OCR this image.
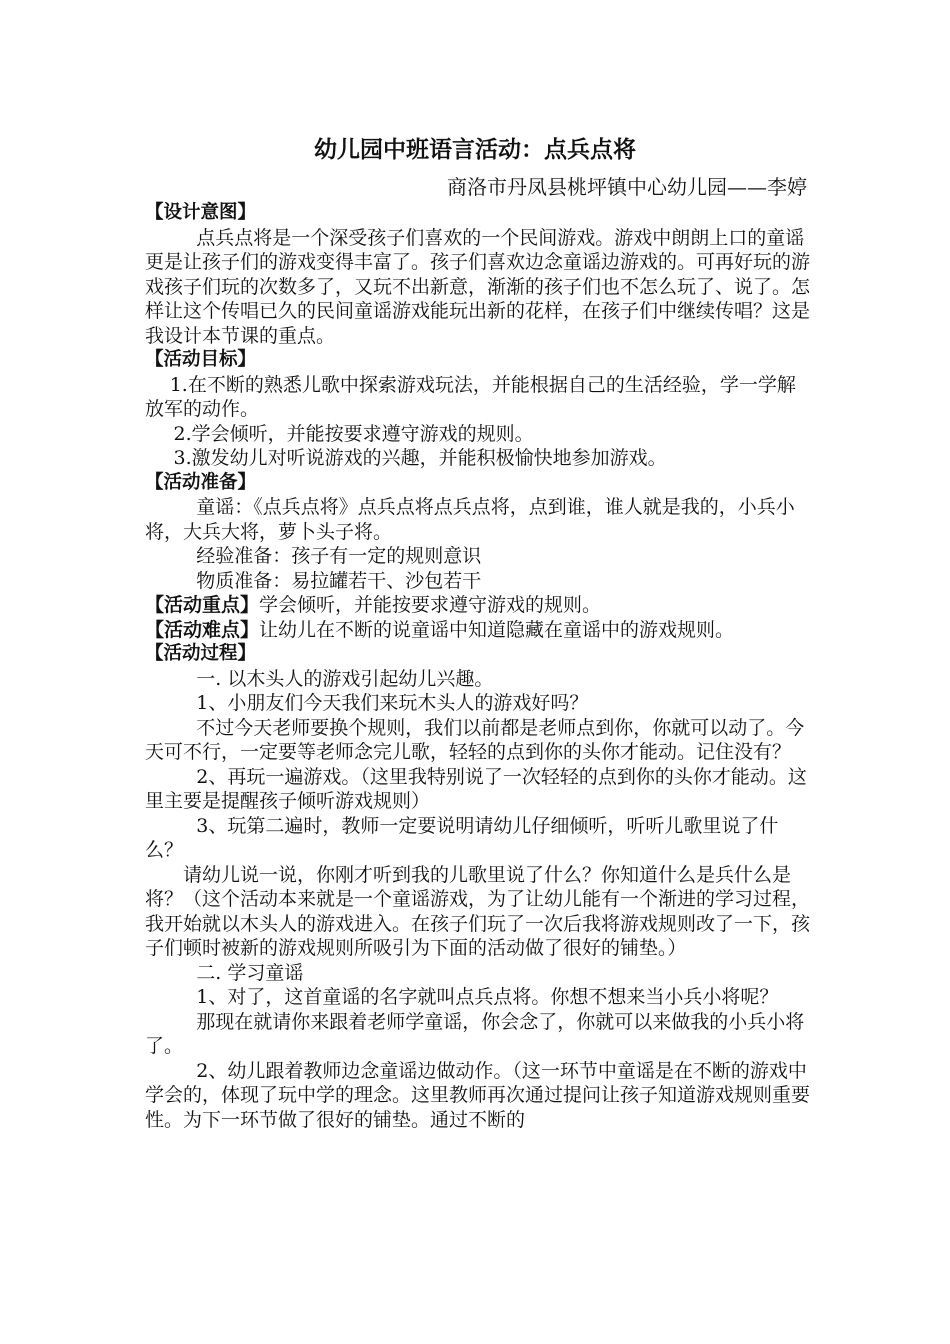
幼儿园中班语言活动：点兵点将
商洛市丹凤县桃坪镇中心幼儿园——李婷

【设计意图】

点兵点将是一个深受孩子们喜欢的一个民间游戏。游戏中朗朗上口的童谣更是让孩子们的游戏变得丰富了。孩子们喜欢边念童谣边游戏的。可再好玩的游戏孩子们玩的次数多了，又玩不出新意，渐渐的孩子们也不怎么玩了、说了。怎样让这个传唱已久的民间童谣游戏能玩出新的花样，在孩子们中继续传唱？这是我设计本节课的重点。

【活动目标】

1.在不断的熟悉儿歌中探索游戏玩法，并能根据自己的生活经验，学一学解放军的动作。

2.学会倾听，并能按要求遵守游戏的规则。

3.激发幼儿对听说游戏的兴趣，并能积极愉快地参加游戏。

【活动准备】

童谣：《点兵点将》点兵点将点兵点将，点到谁，谁人就是我的，小兵小将，大兵大将，萝卜头子将。

经验准备：孩子有一定的规则意识

物质准备：易拉罐若干、沙包若干

【活动重点】学会倾听，并能按要求遵守游戏的规则。

【活动难点】让幼儿在不断的说童谣中知道隐藏在童谣中的游戏规则。

【活动过程】

一. 以木头人的游戏引起幼儿兴趣。

1、小朋友们今天我们来玩木头人的游戏好吗？

不过今天老师要换个规则，我们以前都是老师点到你，你就可以动了。今天可不行，一定要等老师念完儿歌，轻轻的点到你的头你才能动。记住没有？

2、再玩一遍游戏。（这里我特别说了一次轻轻的点到你的头你才能动。这里主要是提醒孩子倾听游戏规则）

3、玩第二遍时，教师一定要说明请幼儿仔细倾听，听听儿歌里说了什么？

请幼儿说一说，你刚才听到我的儿歌里说了什么？你知道什么是兵什么是将？（这个活动本来就是一个童谣游戏，为了让幼儿能有一个渐进的学习过程，我开始就以木头人的游戏进入。在孩子们玩了一次后我将游戏规则改了一下，孩子们顿时被新的游戏规则所吸引为下面的活动做了很好的铺垫。）

二. 学习童谣

1、对了，这首童谣的名字就叫点兵点将。你想不想来当小兵小将呢？

那现在就请你来跟着老师学童谣，你会念了，你就可以来做我的小兵小将了。

2、幼儿跟着教师边念童谣边做动作。（这一环节中童谣是在不断的游戏中学会的，体现了玩中学的理念。这里教师再次通过提问让孩子知道游戏规则重要性。为下一环节做了很好的铺垫。通过不断的
